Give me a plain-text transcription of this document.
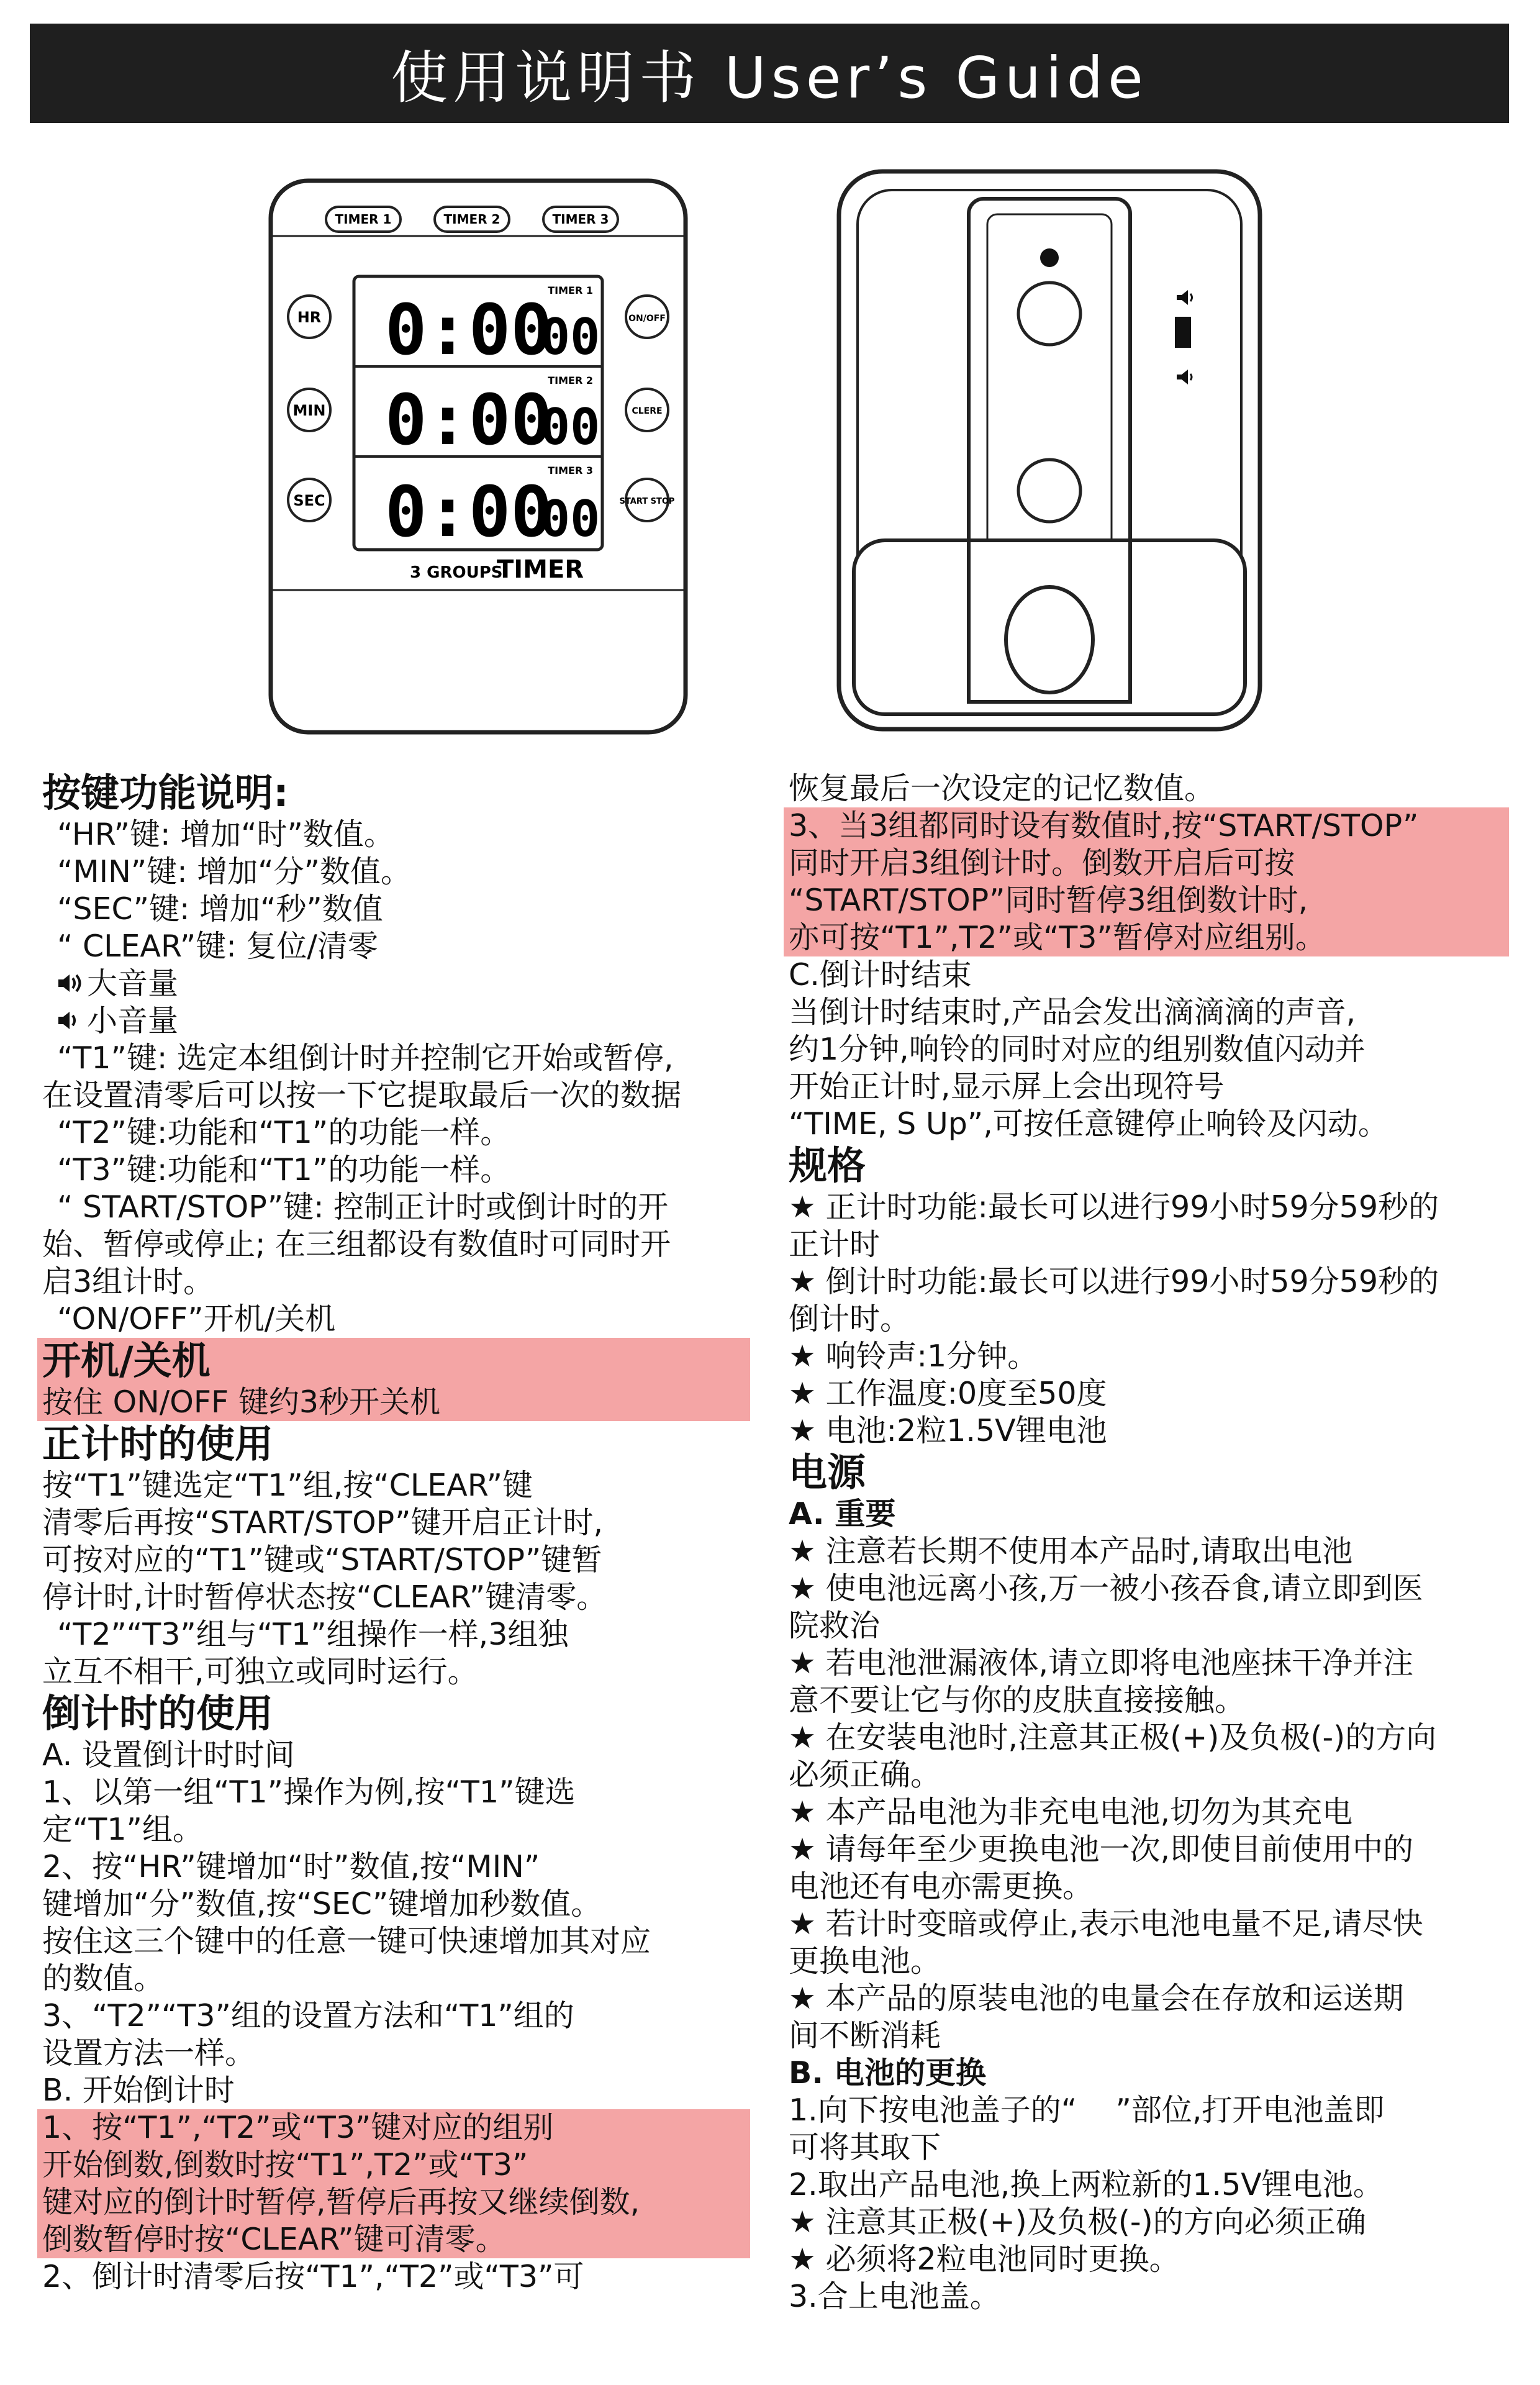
使用说明书 User’s Guide
TIMER 1	TIMER 2	TIMER 3
HR
MIN
SEC
ON/OFF
CLERE
START STOP
TIMER 1
0:00
00
TIMER 2
0:00
00
TIMER 3
0:00
00
3 GROUPS
TIMER
按键功能说明:
“HR”键: 增加“时”数值。
“MIN”键: 增加“分”数值。
“SEC”键: 增加“秒”数值
“ CLEAR”键: 复位/清零
大音量
小音量
“T1”键: 选定本组倒计时并控制它开始或暂停,
在设置清零后可以按一下它提取最后一次的数据
“T2”键:功能和“T1”的功能一样。
“T3”键:功能和“T1”的功能一样。
“ START/STOP”键: 控制正计时或倒计时的开
始、暂停或停止; 在三组都设有数值时可同时开
启3组计时。
“ON/OFF”开机/关机
开机/关机
按住 ON/OFF 键约3秒开关机
正计时的使用
按“T1”键选定“T1”组,按“CLEAR”键
清零后再按“START/STOP”键开启正计时,
可按对应的“T1”键或“START/STOP”键暂
停计时,计时暂停状态按“CLEAR”键清零。
“T2”“T3”组与“T1”组操作一样,3组独
立互不相干,可独立或同时运行。
倒计时的使用
A. 设置倒计时时间
1、以第一组“T1”操作为例,按“T1”键选
定“T1”组。
2、按“HR”键增加“时”数值,按“MIN”
键增加“分”数值,按“SEC”键增加秒数值。
按住这三个键中的任意一键可快速增加其对应
的数值。
3、“T2”“T3”组的设置方法和“T1”组的
设置方法一样。
B. 开始倒计时
1、按“T1”,“T2”或“T3”键对应的组别
开始倒数,倒数时按“T1”,T2”或“T3”
键对应的倒计时暂停,暂停后再按又继续倒数,
倒数暂停时按“CLEAR”键可清零。
2、倒计时清零后按“T1”,“T2”或“T3”可
恢复最后一次设定的记忆数值。
3、当3组都同时设有数值时,按“START/STOP”
同时开启3组倒计时。倒数开启后可按
“START/STOP”同时暂停3组倒数计时,
亦可按“T1”,T2”或“T3”暂停对应组别。
C.倒计时结束
当倒计时结束时,产品会发出滴滴滴的声音,
约1分钟,响铃的同时对应的组别数值闪动并
开始正计时,显示屏上会出现符号
“TIME, S Up”,可按任意键停止响铃及闪动。
规格
★ 正计时功能:最长可以进行99小时59分59秒的
正计时
★ 倒计时功能:最长可以进行99小时59分59秒的
倒计时。
★ 响铃声:1分钟。
★ 工作温度:0度至50度
★ 电池:2粒1.5V锂电池
电源
A. 重要
★ 注意若长期不使用本产品时,请取出电池
★ 使电池远离小孩,万一被小孩吞食,请立即到医
院救治
★ 若电池泄漏液体,请立即将电池座抹干净并注
意不要让它与你的皮肤直接接触。
★ 在安装电池时,注意其正极(+)及负极(-)的方向
必须正确。
★ 本产品电池为非充电电池,切勿为其充电
★ 请每年至少更换电池一次,即使目前使用中的
电池还有电亦需更换。
★ 若计时变暗或停止,表示电池电量不足,请尽快
更换电池。
★ 本产品的原装电池的电量会在存放和运送期
间不断消耗
B. 电池的更换
1.向下按电池盖子的“    ”部位,打开电池盖即
可将其取下
2.取出产品电池,换上两粒新的1.5V锂电池。
★ 注意其正极(+)及负极(-)的方向必须正确
★ 必须将2粒电池同时更换。
3.合上电池盖。
